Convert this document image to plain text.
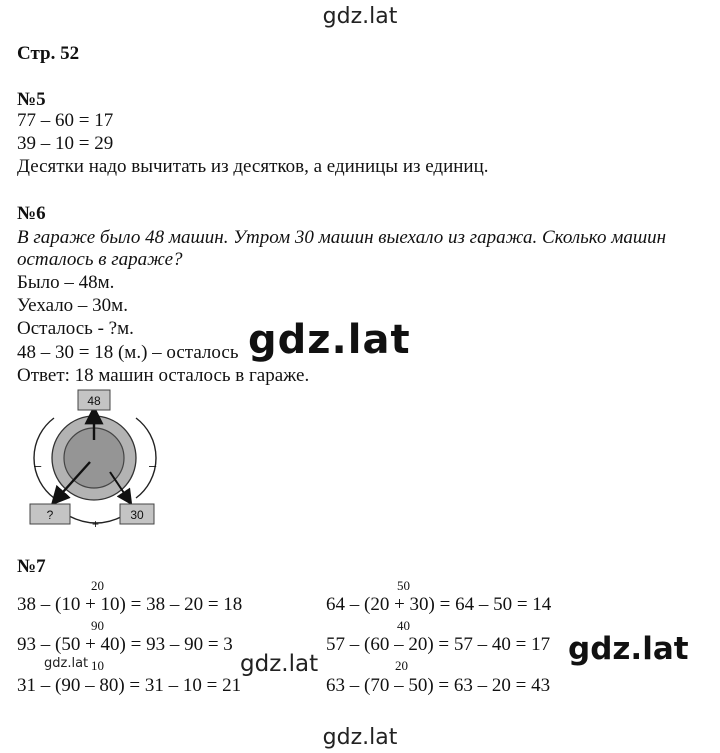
gdz.lat
Стр. 52
№5
77 – 60 = 17
39 – 10 = 29
Десятки надо вычитать из десятков, а единицы из единиц.
№6
В гараже было 48 машин. Утром 30 машин выехало из гаража. Сколько машин
осталось в гараже?
Было – 48м.
Уехало – 30м.
Осталось - ?м.
48 – 30 = 18 (м.) – осталось
Ответ: 18 машин осталось в гараже.
gdz.lat
48
?	30
–	–
+
№7
20
38 – (10 + 10) = 38 – 20 = 18
90
93 – (50 + 40) = 93 – 90 = 3
10
31 – (90 – 80) = 31 – 10 = 21
50
64 – (20 + 30) = 64 – 50 = 14
40
57 – (60 – 20) = 57 – 40 = 17
20
63 – (70 – 50) = 63 – 20 = 43
gdz.lat	gdz.lat	gdz.lat
gdz.lat
